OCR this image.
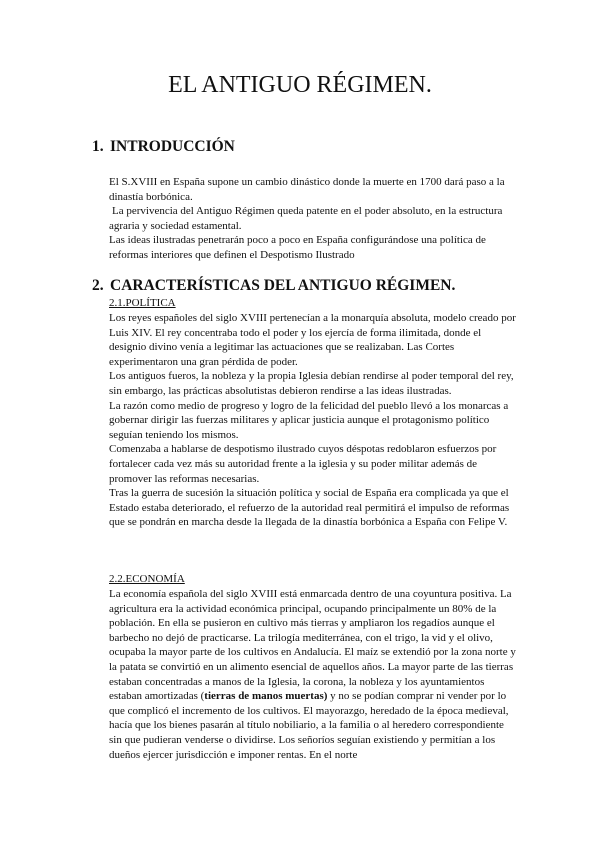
EL ANTIGUO RÉGIMEN.
1. INTRODUCCIÓN

El S.XVIII en España supone un cambio dinástico donde la muerte en 1700 dará paso a la dinastía borbónica.

La pervivencia del Antiguo Régimen queda patente en el poder absoluto, en la estructura agraria y sociedad estamental.

Las ideas ilustradas penetrarán poco a poco en España configurándose una política de reformas interiores que definen el Despotismo Ilustrado

2. CARACTERÍSTICAS DEL ANTIGUO RÉGIMEN.
2.1.POLÍTICA

Los reyes españoles del siglo XVIII pertenecían a la monarquía absoluta, modelo creado por Luis XIV. El rey concentraba todo el poder y los ejercía de forma ilimitada, donde el designio divino venía a legitimar las actuaciones que se realizaban. Las Cortes experimentaron una gran pérdida de poder.

Los antiguos fueros, la nobleza y la propia Iglesia debían rendirse al poder temporal del rey, sin embargo, las prácticas absolutistas debieron rendirse a las ideas ilustradas.

La razón como medio de progreso y logro de la felicidad del pueblo llevó a los monarcas a gobernar dirigir las fuerzas militares y aplicar justicia aunque el protagonismo político seguían teniendo los mismos.

Comenzaba a hablarse de despotismo ilustrado cuyos déspotas redoblaron esfuerzos por fortalecer cada vez más su autoridad frente a la iglesia y su poder militar además de promover las reformas necesarias.

Tras la guerra de sucesión la situación política y social de España era complicada ya que el Estado estaba deteriorado, el refuerzo de la autoridad real permitirá el impulso de reformas que se pondrán en marcha desde la llegada de la dinastía borbónica a España con Felipe V.

2.2.ECONOMÍA

La economía española del siglo XVIII está enmarcada dentro de una coyuntura positiva. La agricultura era la actividad económica principal, ocupando principalmente un 80% de la población. En ella se pusieron en cultivo más tierras y ampliaron los regadíos aunque el barbecho no dejó de practicarse. La trilogía mediterránea, con el trigo, la vid y el olivo, ocupaba la mayor parte de los cultivos en Andalucía. El maíz se extendió por la zona norte y la patata se convirtió en un alimento esencial de aquellos años. La mayor parte de las tierras estaban concentradas a manos de la Iglesia, la corona, la nobleza y los ayuntamientos estaban amortizadas (tierras de manos muertas) y no se podían comprar ni vender por lo que complicó el incremento de los cultivos. El mayorazgo, heredado de la época medieval, hacía que los bienes pasarán al título nobiliario, a la familia o al heredero correspondiente sin que pudieran venderse o dividirse. Los señoríos seguían existiendo y permitían a los dueños ejercer jurisdicción e imponer rentas. En el norte
